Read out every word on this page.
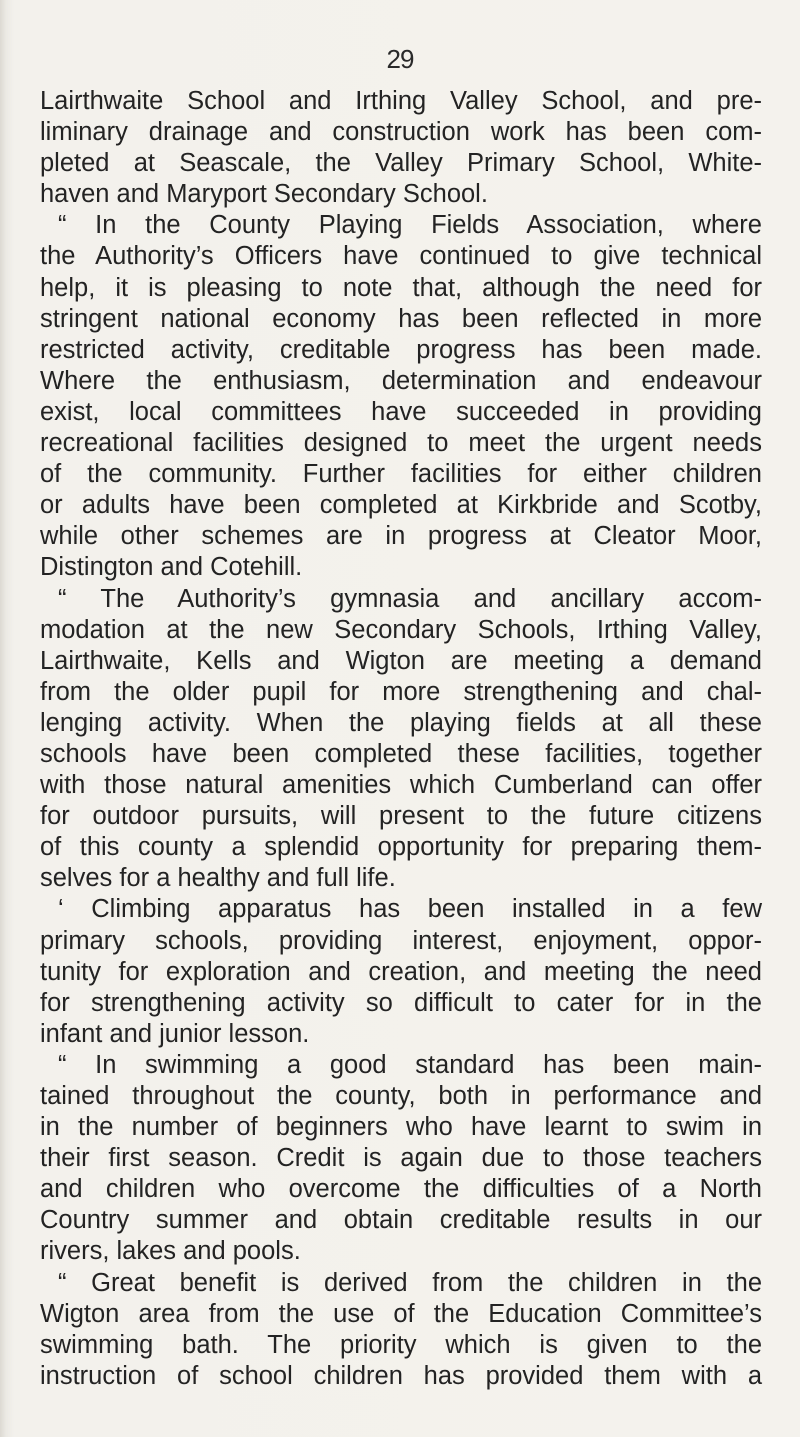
29
Lairthwaite School and Irthing Valley School, and pre-
liminary drainage and construction work has been com-
pleted at Seascale, the Valley Primary School, White-
haven and Maryport Secondary School.
“ In the County Playing Fields Association, where
the Authority’s Officers have continued to give technical
help, it is pleasing to note that, although the need for
stringent national economy has been reflected in more
restricted activity, creditable progress has been made.
Where the enthusiasm, determination and endeavour
exist, local committees have succeeded in providing
recreational facilities designed to meet the urgent needs
of the community. Further facilities for either children
or adults have been completed at Kirkbride and Scotby,
while other schemes are in progress at Cleator Moor,
Distington and Cotehill.
“ The Authority’s gymnasia and ancillary accom-
modation at the new Secondary Schools, Irthing Valley,
Lairthwaite, Kells and Wigton are meeting a demand
from the older pupil for more strengthening and chal-
lenging activity. When the playing fields at all these
schools have been completed these facilities, together
with those natural amenities which Cumberland can offer
for outdoor pursuits, will present to the future citizens
of this county a splendid opportunity for preparing them-
selves for a healthy and full life.
‘ Climbing apparatus has been installed in a few
primary schools, providing interest, enjoyment, oppor-
tunity for exploration and creation, and meeting the need
for strengthening activity so difficult to cater for in the
infant and junior lesson.
“ In swimming a good standard has been main-
tained throughout the county, both in performance and
in the number of beginners who have learnt to swim in
their first season. Credit is again due to those teachers
and children who overcome the difficulties of a North
Country summer and obtain creditable results in our
rivers, lakes and pools.
“ Great benefit is derived from the children in the
Wigton area from the use of the Education Committee’s
swimming bath. The priority which is given to the
instruction of school children has provided them with a
